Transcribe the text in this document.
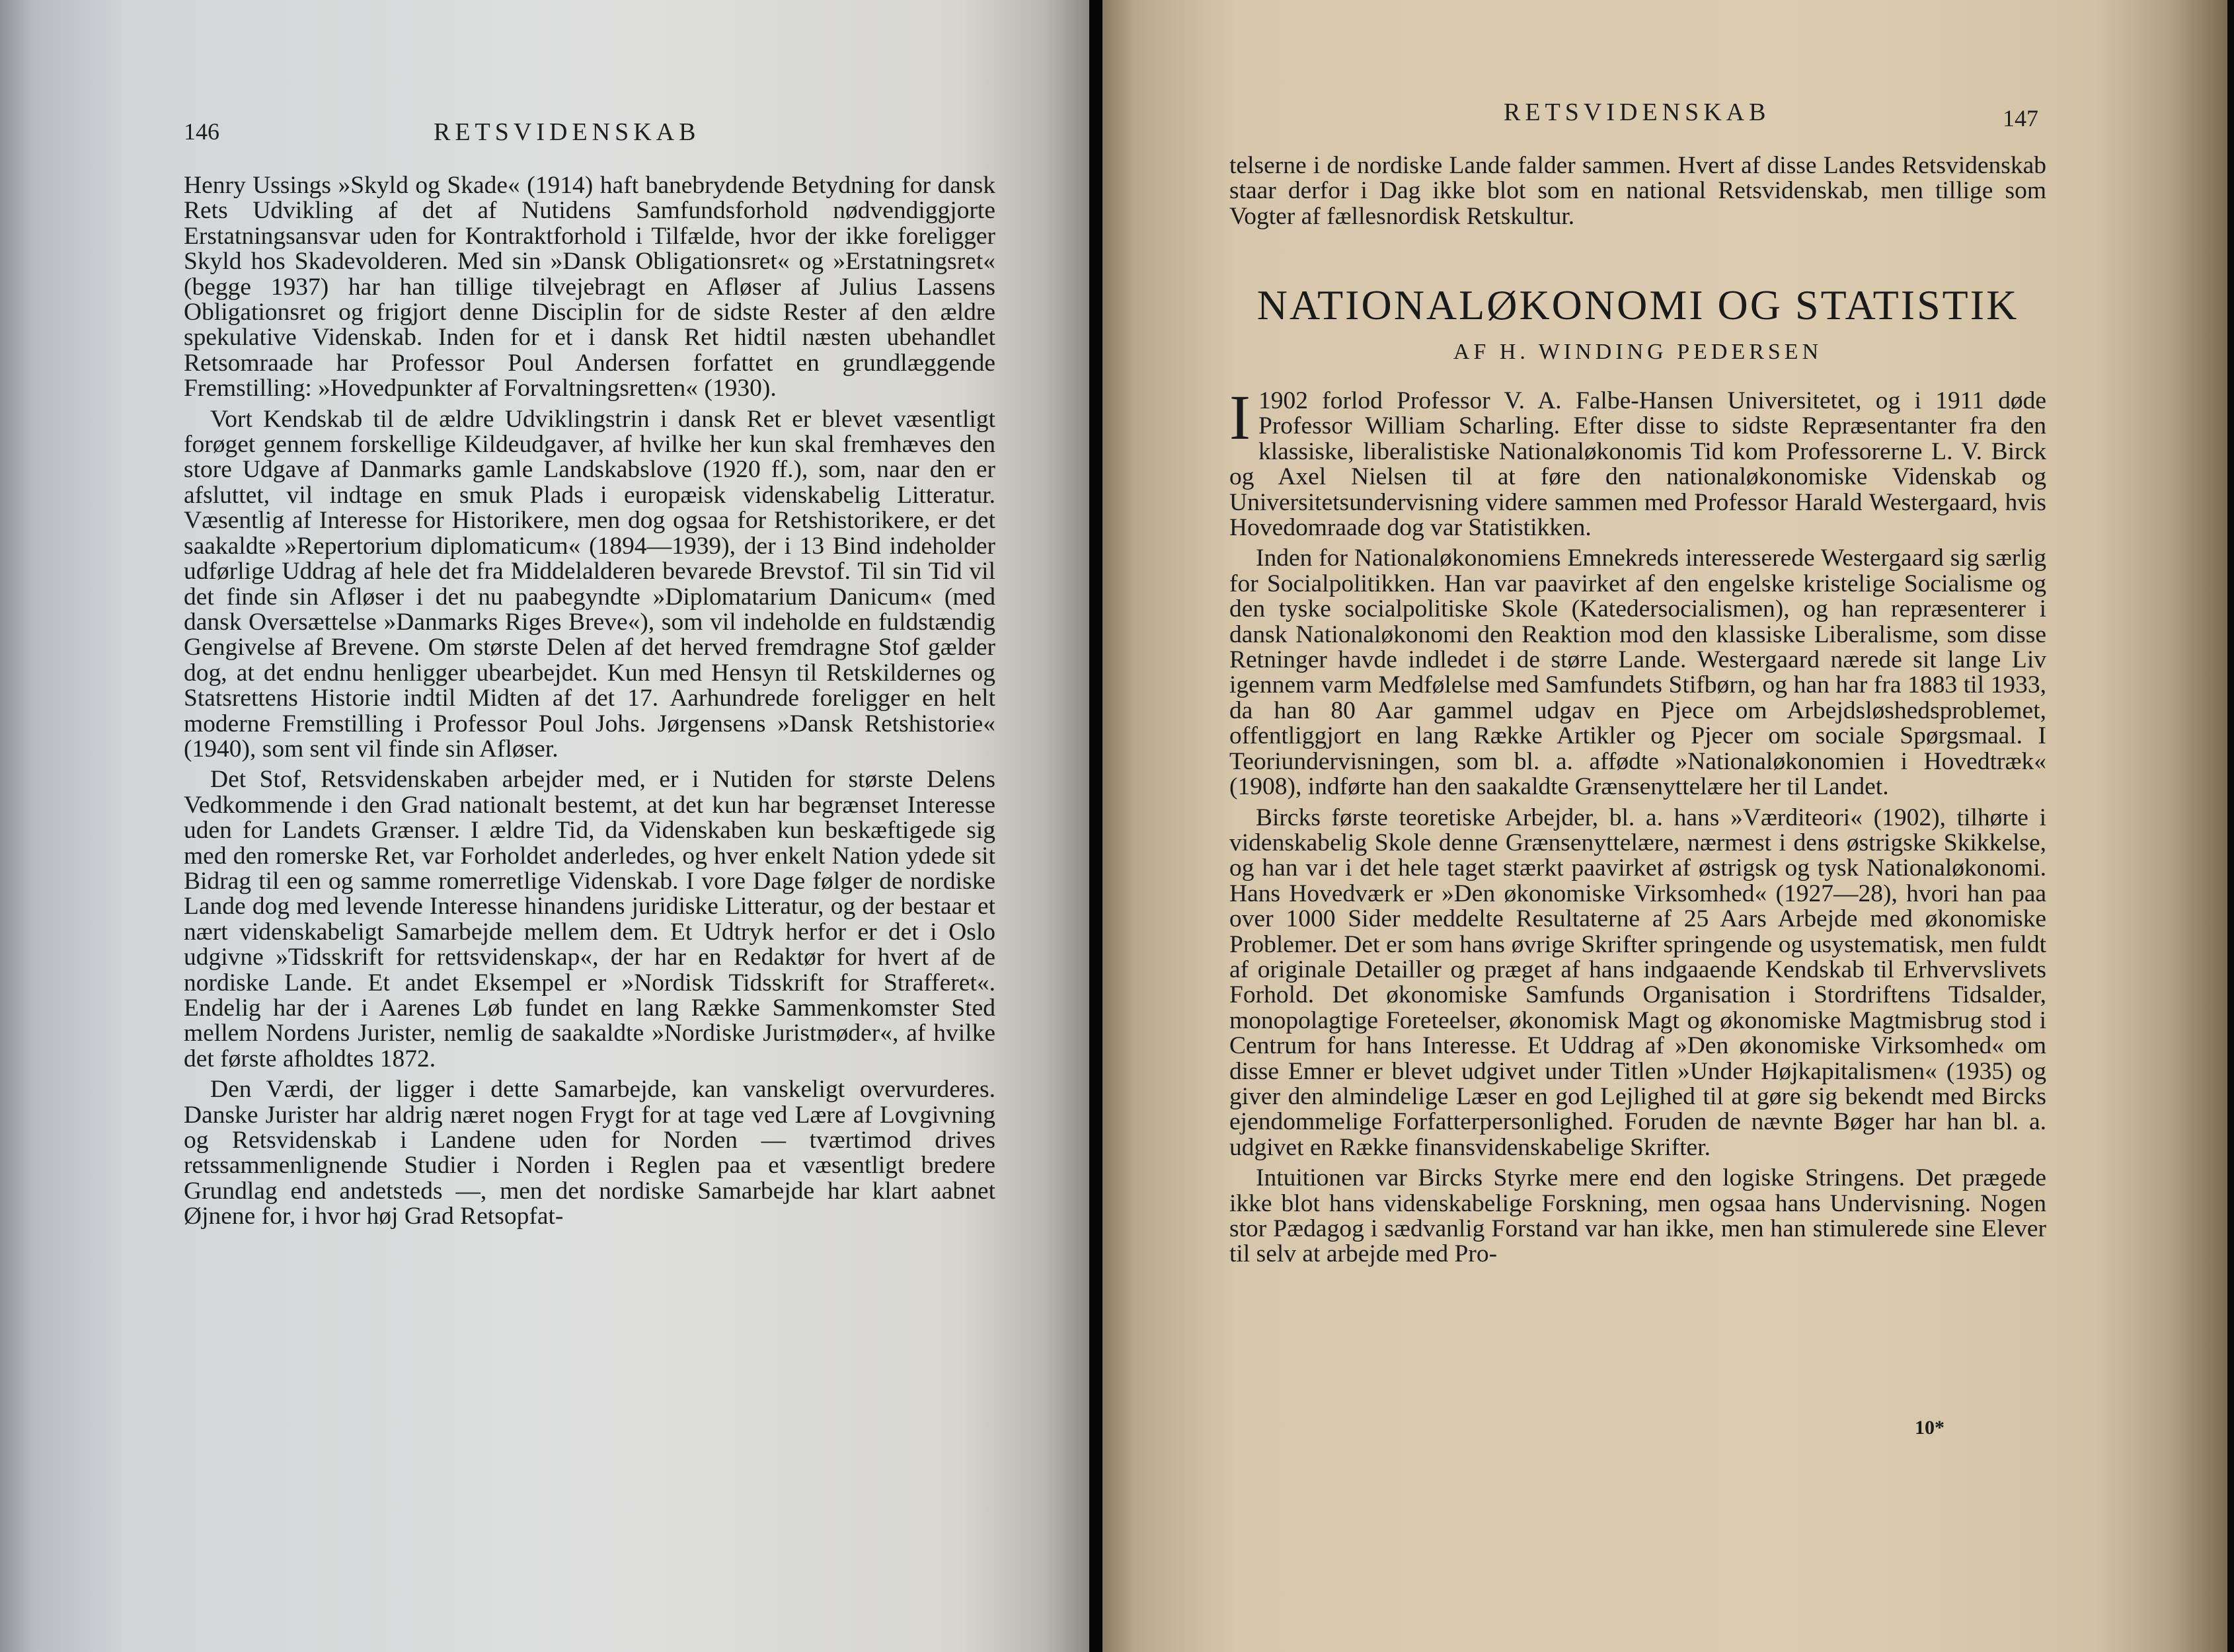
146	RETSVIDENSKAB

Henry Ussings »Skyld og Skade« (1914) haft banebrydende Betydning for dansk Rets Udvikling af det af Nutidens Samfundsforhold nødvendiggjorte Erstatningsansvar uden for Kontraktforhold i Tilfælde, hvor der ikke foreligger Skyld hos Skadevolderen. Med sin »Dansk Obligationsret« og »Erstatningsret« (begge 1937) har han tillige tilvejebragt en Afløser af Julius Lassens Obligationsret og frigjort denne Disciplin for de sidste Rester af den ældre spekulative Videnskab. Inden for et i dansk Ret hidtil næsten ubehandlet Retsomraade har Professor Poul Andersen forfattet en grundlæggende Fremstilling: »Hovedpunkter af Forvaltningsretten« (1930).

Vort Kendskab til de ældre Udviklingstrin i dansk Ret er blevet væsentligt forøget gennem forskellige Kildeudgaver, af hvilke her kun skal fremhæves den store Udgave af Danmarks gamle Landskabslove (1920 ff.), som, naar den er afsluttet, vil indtage en smuk Plads i europæisk videnskabelig Litteratur. Væsentlig af Interesse for Historikere, men dog ogsaa for Retshistorikere, er det saakaldte »Repertorium diplomaticum« (1894—1939), der i 13 Bind indeholder udførlige Uddrag af hele det fra Middelalderen bevarede Brevstof. Til sin Tid vil det finde sin Afløser i det nu paabegyndte »Diplomatarium Danicum« (med dansk Oversættelse »Danmarks Riges Breve«), som vil indeholde en fuldstændig Gengivelse af Brevene. Om største Delen af det herved fremdragne Stof gælder dog, at det endnu henligger ubearbejdet. Kun med Hensyn til Retskildernes og Statsrettens Historie indtil Midten af det 17. Aarhundrede foreligger en helt moderne Fremstilling i Professor Poul Johs. Jørgensens »Dansk Retshistorie« (1940), som sent vil finde sin Afløser.

Det Stof, Retsvidenskaben arbejder med, er i Nutiden for største Delens Vedkommende i den Grad nationalt bestemt, at det kun har begrænset Interesse uden for Landets Grænser. I ældre Tid, da Videnskaben kun beskæftigede sig med den romerske Ret, var Forholdet anderledes, og hver enkelt Nation ydede sit Bidrag til een og samme romerretlige Videnskab. I vore Dage følger de nordiske Lande dog med levende Interesse hinandens juridiske Litteratur, og der bestaar et nært videnskabeligt Samarbejde mellem dem. Et Udtryk herfor er det i Oslo udgivne »Tidsskrift for rettsvidenskap«, der har en Redaktør for hvert af de nordiske Lande. Et andet Eksempel er »Nordisk Tidsskrift for Strafferet«. Endelig har der i Aarenes Løb fundet en lang Række Sammenkomster Sted mellem Nordens Jurister, nemlig de saakaldte »Nordiske Juristmøder«, af hvilke det første afholdtes 1872.

Den Værdi, der ligger i dette Samarbejde, kan vanskeligt overvurderes. Danske Jurister har aldrig næret nogen Frygt for at tage ved Lære af Lovgivning og Retsvidenskab i Landene uden for Norden — tværtimod drives retssammenlignende Studier i Norden i Reglen paa et væsentligt bredere Grundlag end andetsteds —, men det nordiske Samarbejde har klart aabnet Øjnene for, i hvor høj Grad Retsopfat-

RETSVIDENSKAB	147

telserne i de nordiske Lande falder sammen. Hvert af disse Landes Retsvidenskab staar derfor i Dag ikke blot som en national Retsvidenskab, men tillige som Vogter af fællesnordisk Retskultur.

NATIONALØKONOMI OG STATISTIK
AF H. WINDING PEDERSEN

I 1902 forlod Professor V. A. Falbe-Hansen Universitetet, og i 1911 døde Professor William Scharling. Efter disse to sidste Repræsentanter fra den klassiske, liberalistiske Nationaløkonomis Tid kom Professorerne L. V. Birck og Axel Nielsen til at føre den nationaløkonomiske Videnskab og Universitetsundervisning videre sammen med Professor Harald Westergaard, hvis Hovedomraade dog var Statistikken.

Inden for Nationaløkonomiens Emnekreds interesserede Westergaard sig særlig for Socialpolitikken. Han var paavirket af den engelske kristelige Socialisme og den tyske socialpolitiske Skole (Katedersocialismen), og han repræsenterer i dansk Nationaløkonomi den Reaktion mod den klassiske Liberalisme, som disse Retninger havde indledet i de større Lande. Westergaard nærede sit lange Liv igennem varm Medfølelse med Samfundets Stifbørn, og han har fra 1883 til 1933, da han 80 Aar gammel udgav en Pjece om Arbejdsløshedsproblemet, offentliggjort en lang Række Artikler og Pjecer om sociale Spørgsmaal. I Teoriundervisningen, som bl. a. affødte »Nationaløkonomien i Hovedtræk« (1908), indførte han den saakaldte Grænsenyttelære her til Landet.

Bircks første teoretiske Arbejder, bl. a. hans »Værditeori« (1902), tilhørte i videnskabelig Skole denne Grænsenyttelære, nærmest i dens østrigske Skikkelse, og han var i det hele taget stærkt paavirket af østrigsk og tysk Nationaløkonomi. Hans Hovedværk er »Den økonomiske Virksomhed« (1927—28), hvori han paa over 1000 Sider meddelte Resultaterne af 25 Aars Arbejde med økonomiske Problemer. Det er som hans øvrige Skrifter springende og usystematisk, men fuldt af originale Detailler og præget af hans indgaaende Kendskab til Erhvervslivets Forhold. Det økonomiske Samfunds Organisation i Stordriftens Tidsalder, monopolagtige Foreteelser, økonomisk Magt og økonomiske Magtmisbrug stod i Centrum for hans Interesse. Et Uddrag af »Den økonomiske Virksomhed« om disse Emner er blevet udgivet under Titlen »Under Højkapitalismen« (1935) og giver den almindelige Læser en god Lejlighed til at gøre sig bekendt med Bircks ejendommelige Forfatterpersonlighed. Foruden de nævnte Bøger har han bl. a. udgivet en Række finansvidenskabelige Skrifter.

Intuitionen var Bircks Styrke mere end den logiske Stringens. Det prægede ikke blot hans videnskabelige Forskning, men ogsaa hans Undervisning. Nogen stor Pædagog i sædvanlig Forstand var han ikke, men han stimulerede sine Elever til selv at arbejde med Pro-

10*
